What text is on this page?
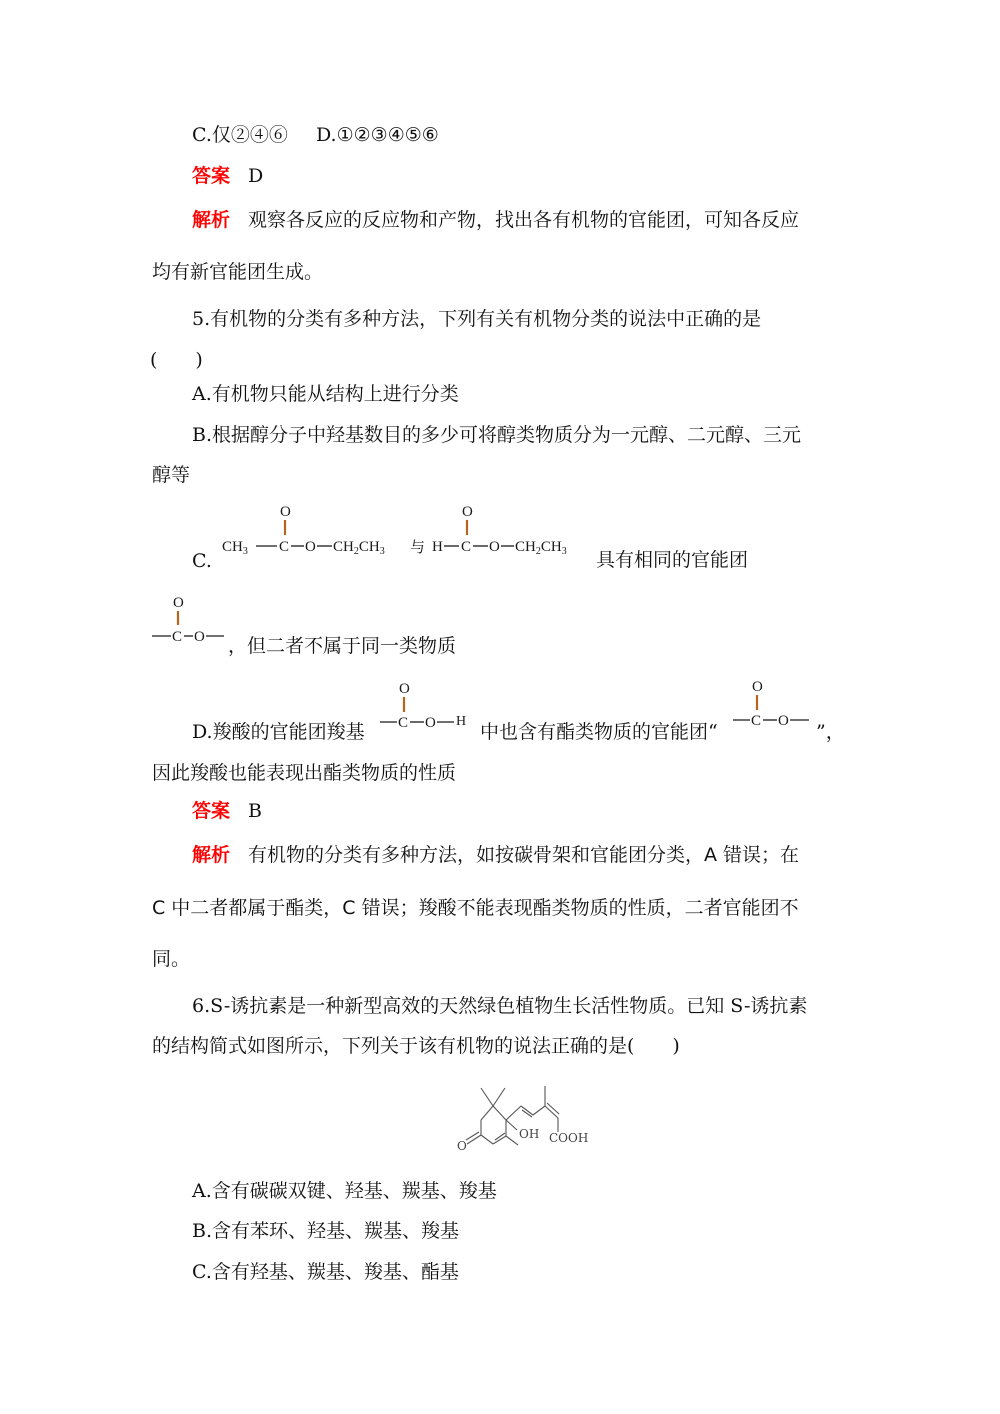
C.仅②④⑥ D.①②③④⑤⑥
答案 D
解析 观察各反应的反应物和产物，找出各有机物的官能团，可知各反应
均有新官能团生成。
5.有机物的分类有多种方法，下列有关有机物分类的说法中正确的是
(　　)
A.有机物只能从结构上进行分类
B.根据醇分子中羟基数目的多少可将醇类物质分为一元醇、二元醇、三元
醇等
C.
O
$CH_3$ C O $CH_2CH_3$ 与
O
H C O $CH_2CH_3$ 具有相同的官能团
O
C O ，但二者不属于同一类物质
D.羧酸的官能团羧基
O
C O H 中也含有酯类物质的官能团“
O
C O ”，
因此羧酸也能表现出酯类物质的性质
答案 B
解析 有机物的分类有多种方法，如按碳骨架和官能团分类，A 错误；在
C 中二者都属于酯类，C 错误；羧酸不能表现酯类物质的性质，二者官能团不
同。
6.S-诱抗素是一种新型高效的天然绿色植物生长活性物质。已知 S-诱抗素
的结构简式如图所示，下列关于该有机物的说法正确的是(　　)
O
OH COOH
A.含有碳碳双键、羟基、羰基、羧基
B.含有苯环、羟基、羰基、羧基
C.含有羟基、羰基、羧基、酯基
